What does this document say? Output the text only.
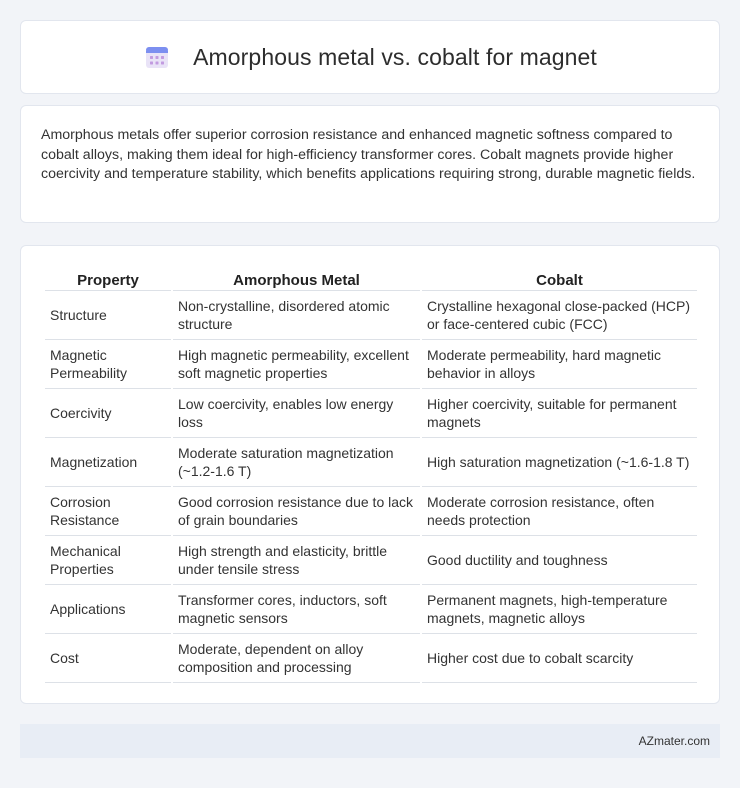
Amorphous metal vs. cobalt for magnet

Amorphous metals offer superior corrosion resistance and enhanced magnetic softness compared to cobalt alloys, making them ideal for high-efficiency transformer cores. Cobalt magnets provide higher coercivity and temperature stability, which benefits applications requiring strong, durable magnetic fields.

Property	Amorphous Metal	Cobalt
Structure	Non-crystalline, disordered atomic structure	Crystalline hexagonal close-packed (HCP) or face-centered cubic (FCC)
Magnetic Permeability	High magnetic permeability, excellent soft magnetic properties	Moderate permeability, hard magnetic behavior in alloys
Coercivity	Low coercivity, enables low energy loss	Higher coercivity, suitable for permanent magnets
Magnetization	Moderate saturation magnetization (~1.2-1.6 T)	High saturation magnetization (~1.6-1.8 T)
Corrosion Resistance	Good corrosion resistance due to lack of grain boundaries	Moderate corrosion resistance, often needs protection
Mechanical Properties	High strength and elasticity, brittle under tensile stress	Good ductility and toughness
Applications	Transformer cores, inductors, soft magnetic sensors	Permanent magnets, high-temperature magnets, magnetic alloys
Cost	Moderate, dependent on alloy composition and processing	Higher cost due to cobalt scarcity
AZmater.com
